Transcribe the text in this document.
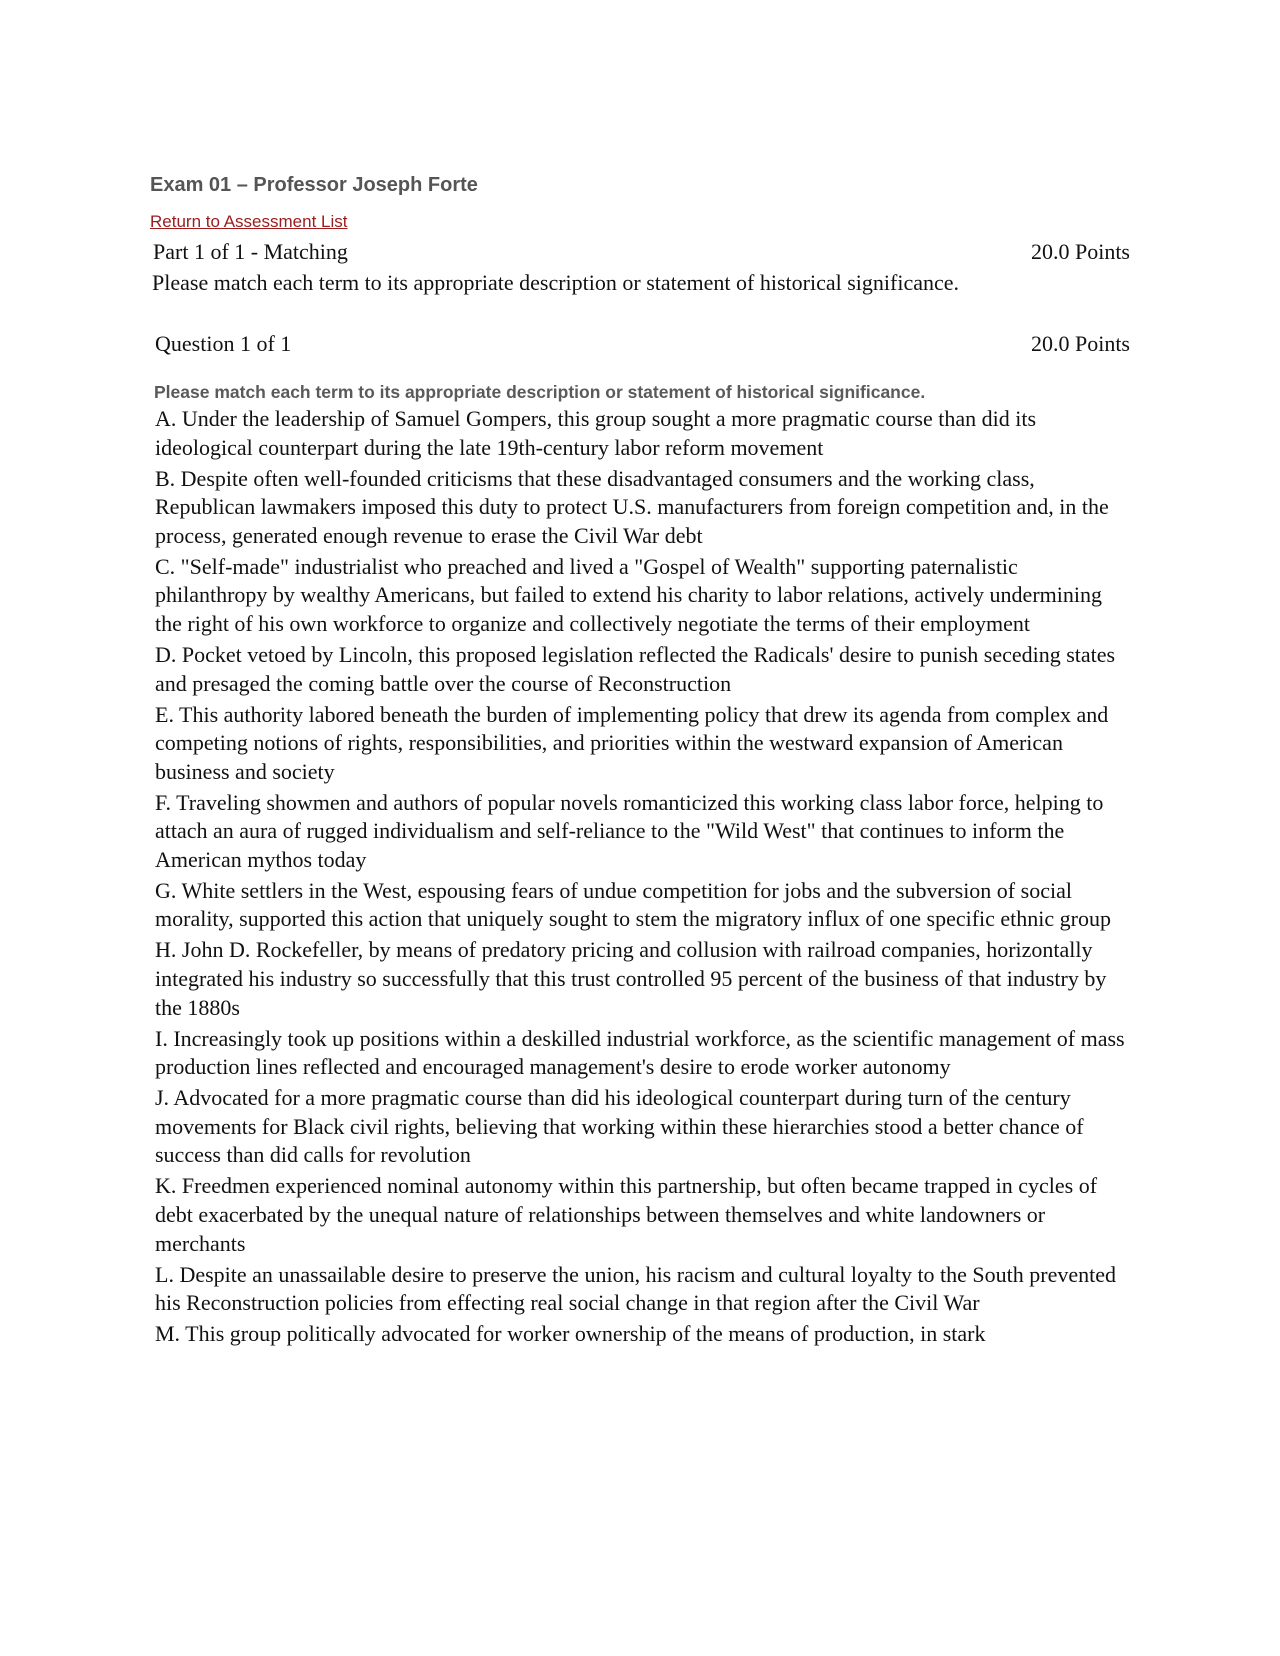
Exam 01 – Professor Joseph Forte
Return to Assessment List
Part 1 of 1 - Matching	20.0 Points
Please match each term to its appropriate description or statement of historical significance.
Question 1 of 1	20.0 Points
Please match each term to its appropriate description or statement of historical significance.
A. Under the leadership of Samuel Gompers, this group sought a more pragmatic course than did its ideological counterpart during the late 19th-century labor reform movement
B. Despite often well-founded criticisms that these disadvantaged consumers and the working class, Republican lawmakers imposed this duty to protect U.S. manufacturers from foreign competition and, in the process, generated enough revenue to erase the Civil War debt
C. "Self-made" industrialist who preached and lived a "Gospel of Wealth" supporting paternalistic philanthropy by wealthy Americans, but failed to extend his charity to labor relations, actively undermining the right of his own workforce to organize and collectively negotiate the terms of their employment
D. Pocket vetoed by Lincoln, this proposed legislation reflected the Radicals' desire to punish seceding states and presaged the coming battle over the course of Reconstruction
E. This authority labored beneath the burden of implementing policy that drew its agenda from complex and competing notions of rights, responsibilities, and priorities within the westward expansion of American business and society
F. Traveling showmen and authors of popular novels romanticized this working class labor force, helping to attach an aura of rugged individualism and self-reliance to the "Wild West" that continues to inform the American mythos today
G. White settlers in the West, espousing fears of undue competition for jobs and the subversion of social morality, supported this action that uniquely sought to stem the migratory influx of one specific ethnic group
H. John D. Rockefeller, by means of predatory pricing and collusion with railroad companies, horizontally integrated his industry so successfully that this trust controlled 95 percent of the business of that industry by the 1880s
I. Increasingly took up positions within a deskilled industrial workforce, as the scientific management of mass production lines reflected and encouraged management's desire to erode worker autonomy
J. Advocated for a more pragmatic course than did his ideological counterpart during turn of the century movements for Black civil rights, believing that working within these hierarchies stood a better chance of success than did calls for revolution
K. Freedmen experienced nominal autonomy within this partnership, but often became trapped in cycles of debt exacerbated by the unequal nature of relationships between themselves and white landowners or merchants
L. Despite an unassailable desire to preserve the union, his racism and cultural loyalty to the South prevented his Reconstruction policies from effecting real social change in that region after the Civil War
M. This group politically advocated for worker ownership of the means of production, in stark
